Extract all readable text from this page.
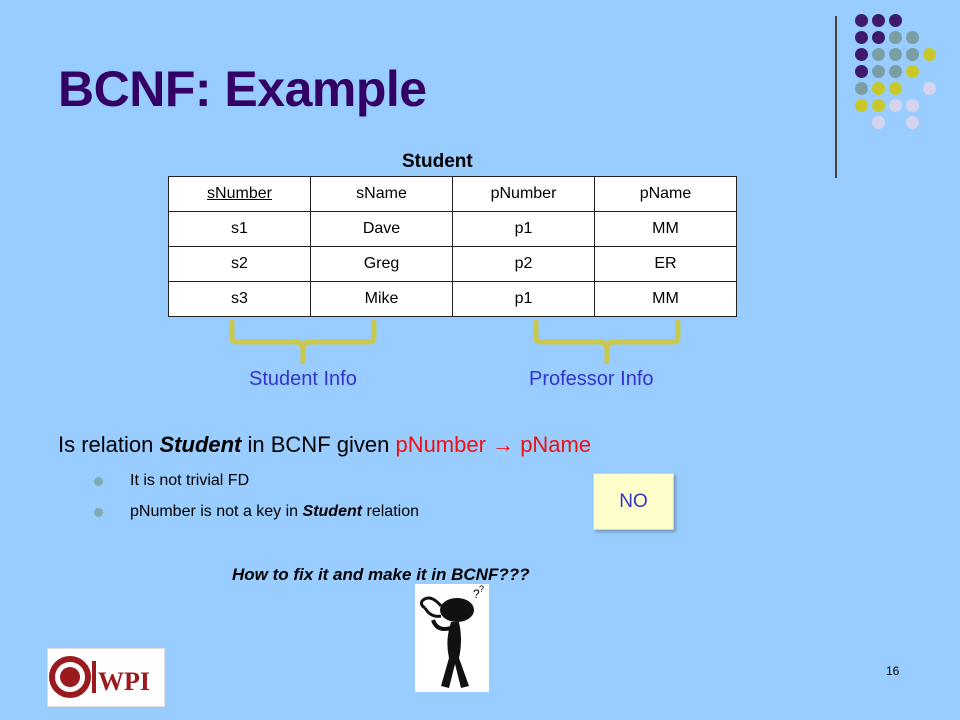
BCNF: Example
Student
sNumber	sName	pNumber	pName
s1	Dave	p1	MM
s2	Greg	p2	ER
s3	Mike	p1	MM
Student Info	Professor Info
Is relation Student in BCNF given pNumber → pName
It is not trivial FD
pNumber is not a key in Student relation	NO
How to fix it and make it in BCNF???
? ?
WPI	16
